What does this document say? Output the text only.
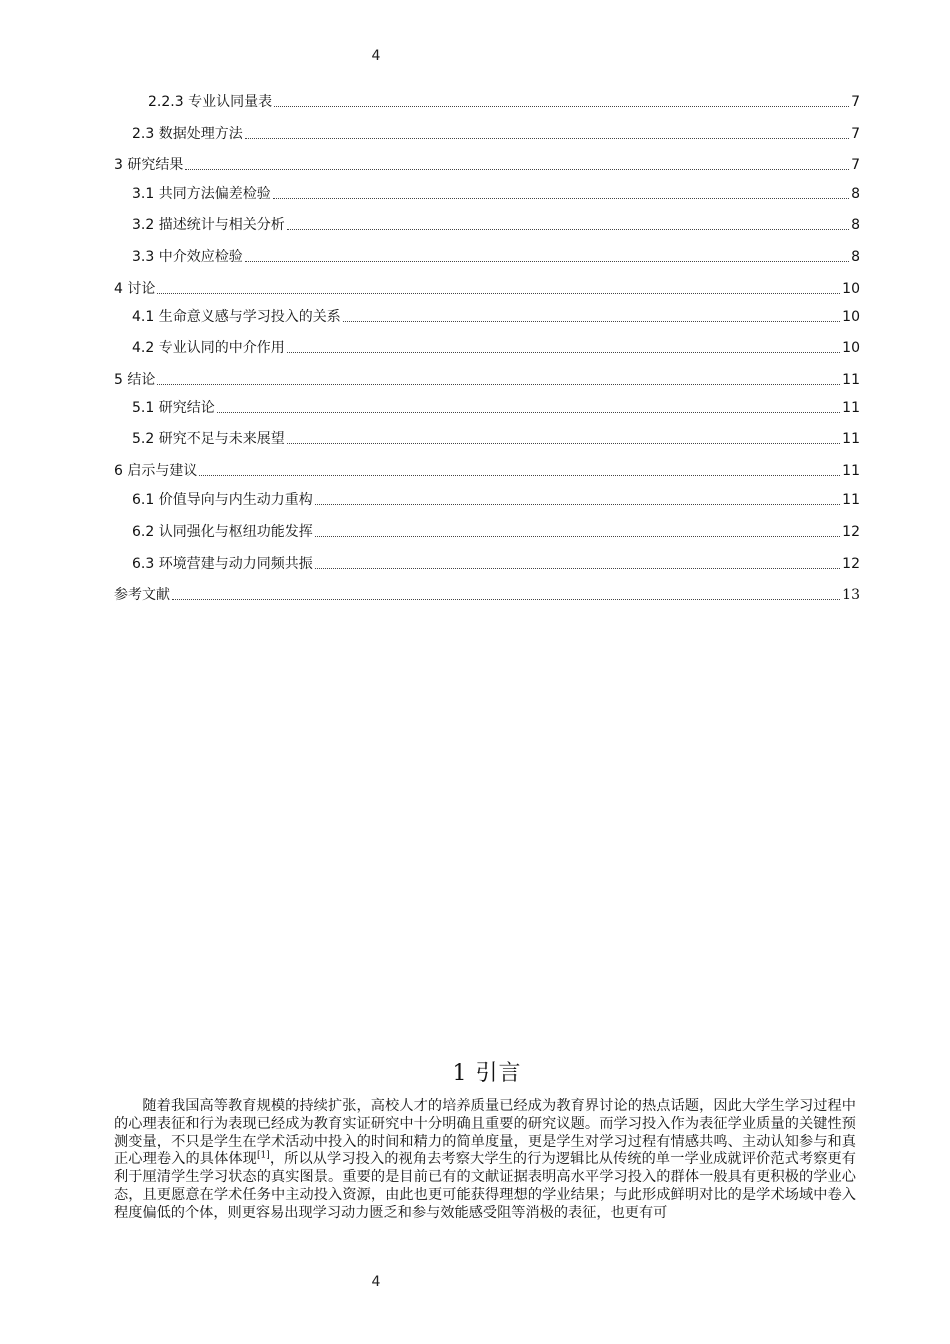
4
2.2.3 专业认同量表	7
2.3 数据处理方法	7
3 研究结果	7
3.1 共同方法偏差检验	8
3.2 描述统计与相关分析	8
3.3 中介效应检验	8
4 讨论	10
4.1 生命意义感与学习投入的关系	10
4.2 专业认同的中介作用	10
5 结论	11
5.1 研究结论	11
5.2 研究不足与未来展望	11
6 启示与建议	11
6.1 价值导向与内生动力重构	11
6.2 认同强化与枢纽功能发挥	12
6.3 环境营建与动力同频共振	12
参考文献	13
1 引言

随着我国高等教育规模的持续扩张，高校人才的培养质量已经成为教育界讨论的热点话题，因此大学生学习过程中的心理表征和行为表现已经成为教育实证研究中十分明确且重要的研究议题。而学习投入作为表征学业质量的关键性预测变量，不只是学生在学术活动中投入的时间和精力的简单度量，更是学生对学习过程有情感共鸣、主动认知参与和真正心理卷入的具体体现[1]，所以从学习投入的视角去考察大学生的行为逻辑比从传统的单一学业成就评价范式考察更有利于厘清学生学习状态的真实图景。重要的是目前已有的文献证据表明高水平学习投入的群体一般具有更积极的学业心态，且更愿意在学术任务中主动投入资源，由此也更可能获得理想的学业结果；与此形成鲜明对比的是学术场域中卷入程度偏低的个体，则更容易出现学习动力匮乏和参与效能感受阻等消极的表征，也更有可

4
